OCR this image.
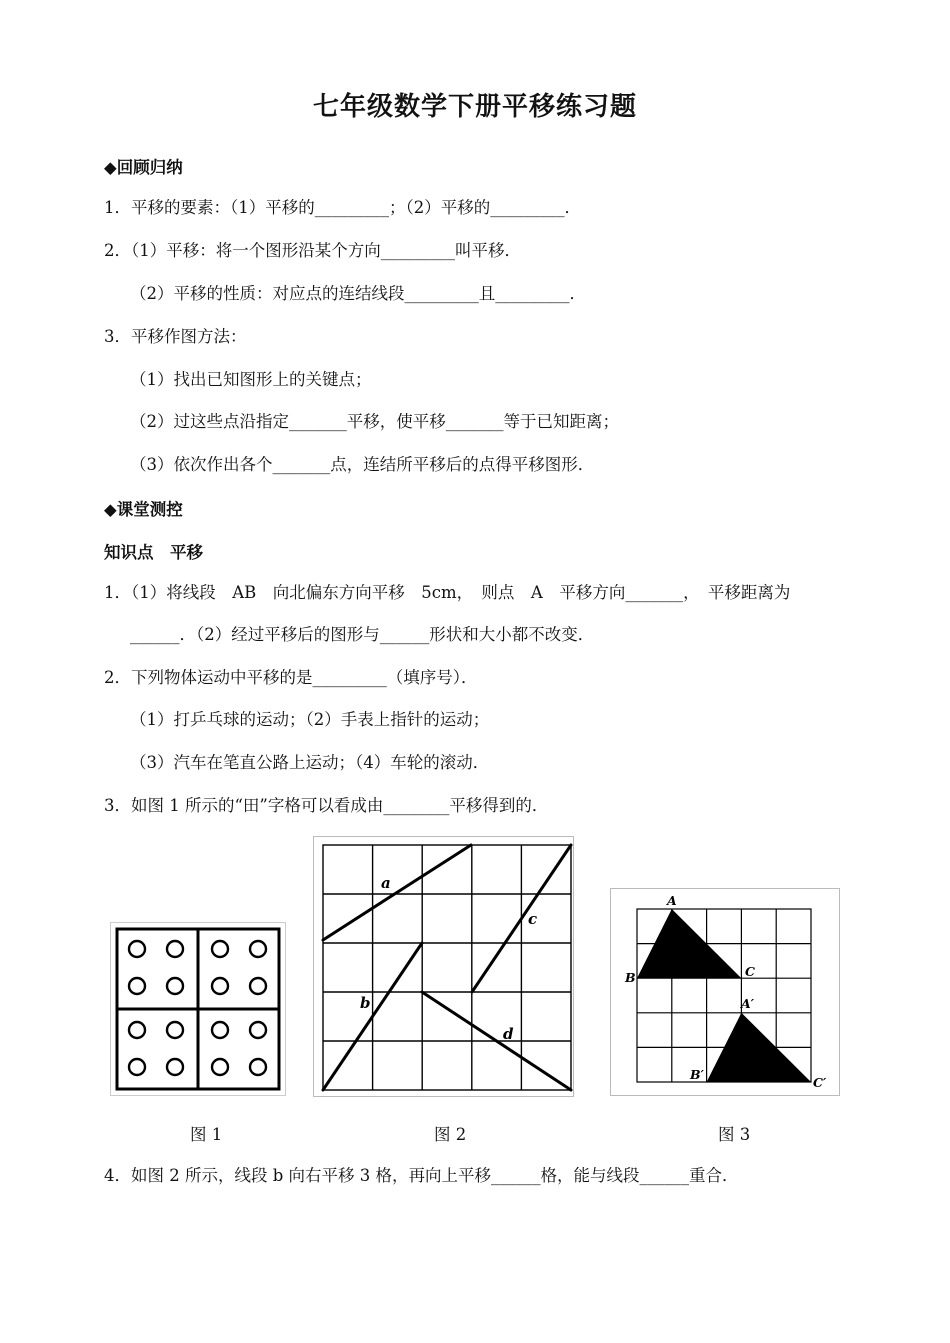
七年级数学下册平移练习题
◆回顾归纳
1．平移的要素：（1）平移的_________；（2）平移的_________．
2．（1）平移：将一个图形沿某个方向_________叫平移．
（2）平移的性质：对应点的连结线段_________且_________．
3．平移作图方法：
（1）找出已知图形上的关键点；
（2）过这些点沿指定_______平移，使平移_______等于已知距离；
（3）依次作出各个_______点，连结所平移后的点得平移图形．
◆课堂测控
知识点　平移
1．（1）将线段　AB　向北偏东方向平移　5cm，　则点　A　平移方向_______，　平移距离为
______．（2）经过平移后的图形与______形状和大小都不改变．
2．下列物体运动中平移的是_________（填序号）．
（1）打乒乓球的运动；（2）手表上指针的运动；
（3）汽车在笔直公路上运动；（4）车轮的滚动．
3．如图 1 所示的“田”字格可以看成由________平移得到的．
a
b
c
d
A
B	C
A′
B′
C′
图 1	图 2	图 3
4．如图 2 所示，线段 b 向右平移 3 格，再向上平移______格，能与线段______重合．
